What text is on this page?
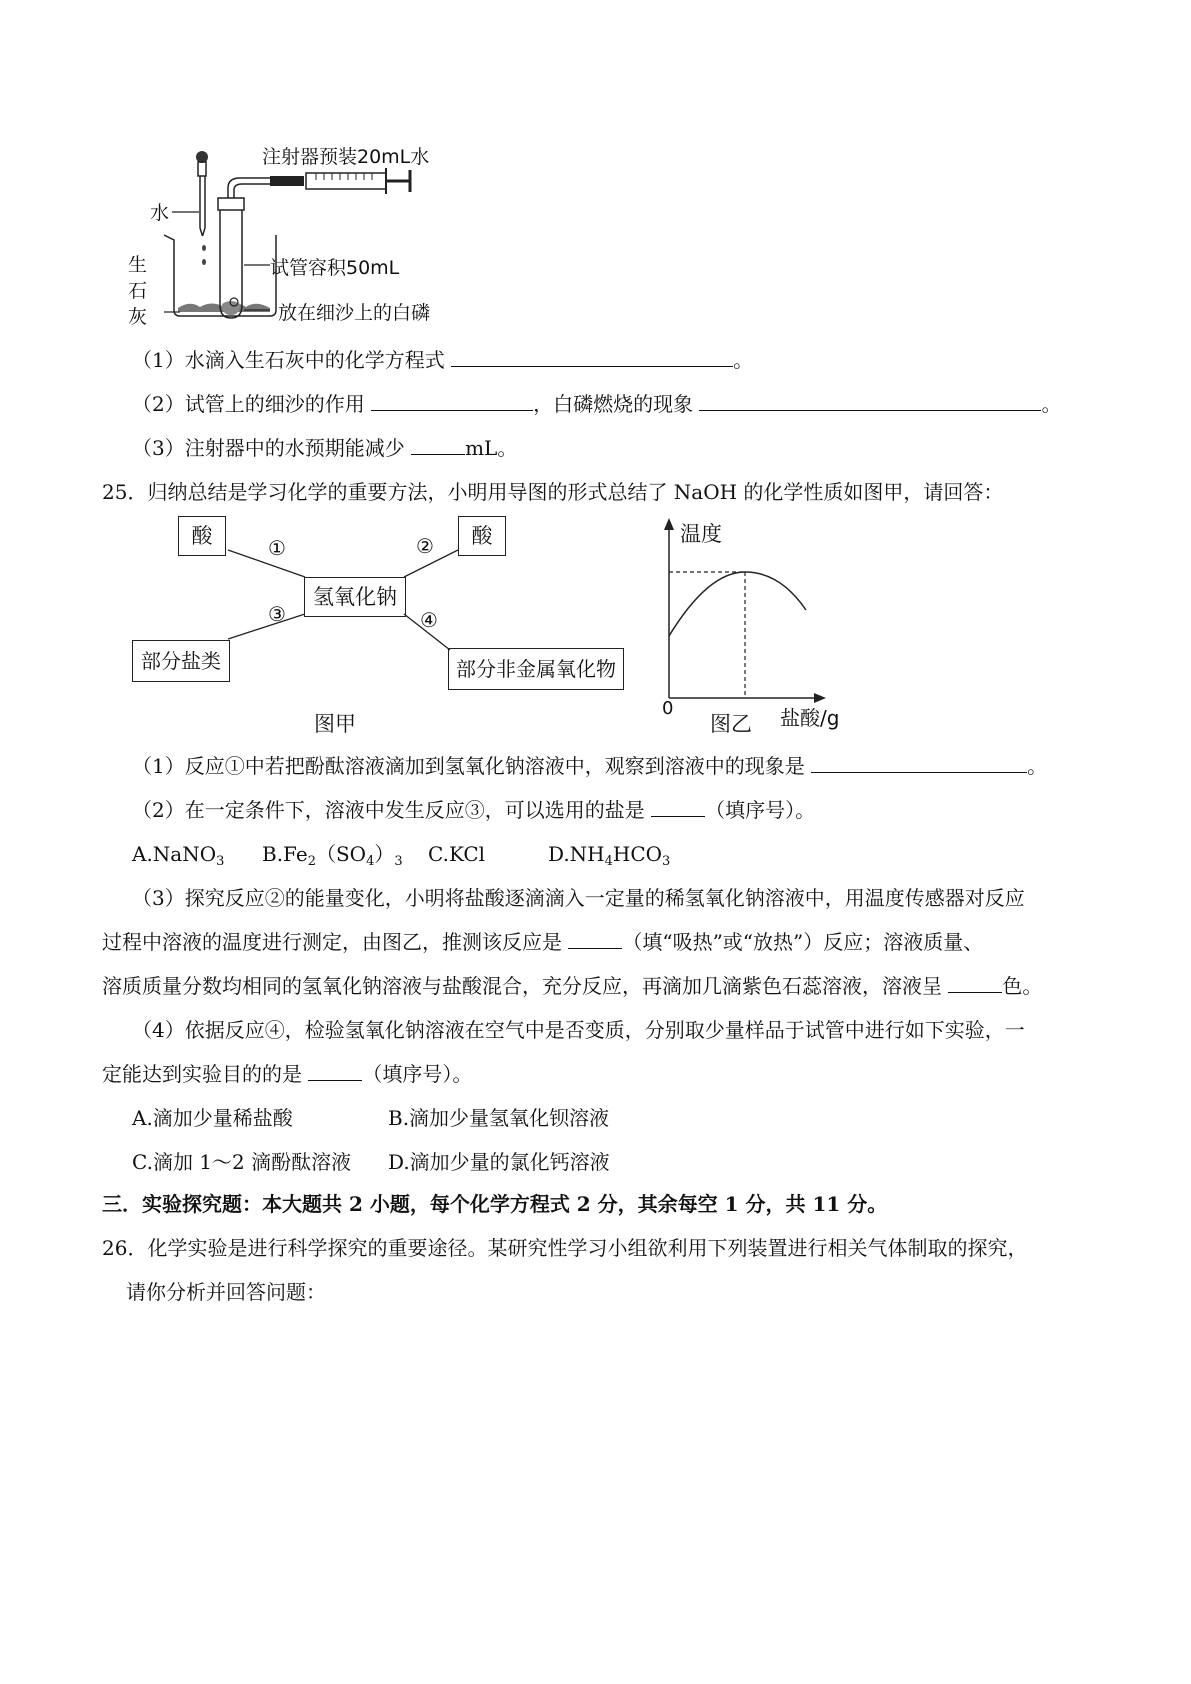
注射器预装20mL水
水
生
石
灰
试管容积50mL
放在细沙上的白磷
（1）水滴入生石灰中的化学方程式	。
（2）试管上的细沙的作用	，白磷燃烧的现象	。
（3）注射器中的水预期能减少	mL。
25．归纳总结是学习化学的重要方法，小明用导图的形式总结了 NaOH 的化学性质如图甲，请回答：
酸	酸
氢氧化钠
部分盐类	部分非金属氧化物
①	②
③	④
图甲
温度
0	盐酸/g
图乙
（1）反应①中若把酚酞溶液滴加到氢氧化钠溶液中，观察到溶液中的现象是	。
（2）在一定条件下，溶液中发生反应③，可以选用的盐是	（填序号）。
A.NaNO$_3$ $B.Fe_2(SO_4)_3$ C.KCl	$D.NH_4HCO_3$
（3）探究反应②的能量变化，小明将盐酸逐滴滴入一定量的稀氢氧化钠溶液中，用温度传感器对反应
过程中溶液的温度进行测定，由图乙，推测该反应是	（填“吸热”或“放热”）反应；溶液质量、
溶质质量分数均相同的氢氧化钠溶液与盐酸混合，充分反应，再滴加几滴紫色石蕊溶液，溶液呈	色。
（4）依据反应④，检验氢氧化钠溶液在空气中是否变质，分别取少量样品于试管中进行如下实验，一
定能达到实验目的的是	（填序号）。
A.滴加少量稀盐酸	B.滴加少量氢氧化钡溶液
C.滴加 1～2 滴酚酞溶液 D.滴加少量的氯化钙溶液
三．实验探究题：本大题共 2 小题，每个化学方程式 2 分，其余每空 1 分，共 11 分。
26．化学实验是进行科学探究的重要途径。某研究性学习小组欲利用下列装置进行相关气体制取的探究，
请你分析并回答问题：
